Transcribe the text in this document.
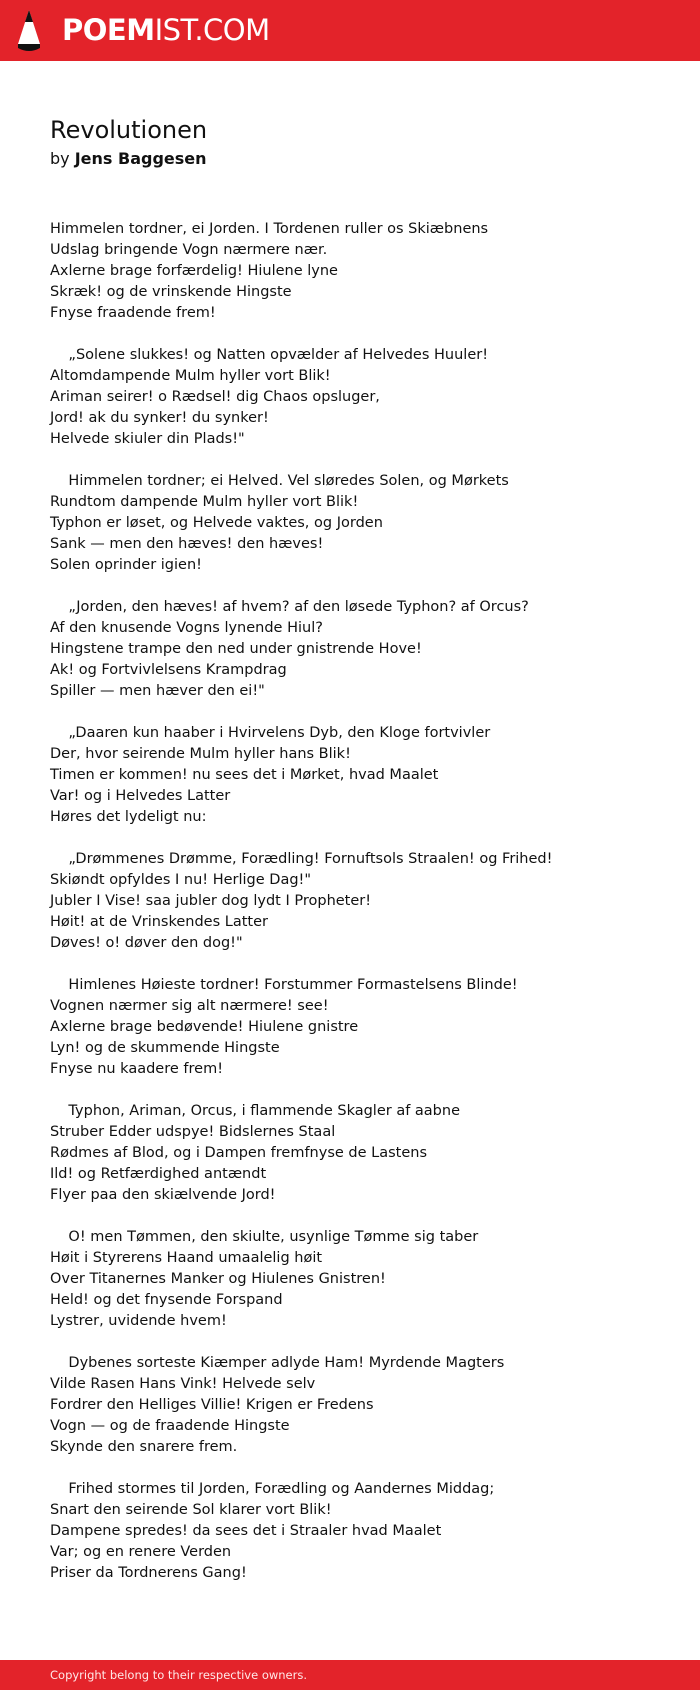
POEMIST.COM
Revolutionen
by Jens Baggesen
Himmelen tordner, ei Jorden. I Tordenen ruller os Skiæbnens
Udslag bringende Vogn nærmere nær.
Axlerne brage forfærdelig! Hiulene lyne
Skræk! og de vrinskende Hingste
Fnyse fraadende frem!
„Solene slukkes! og Natten opvælder af Helvedes Huuler!
Altomdampende Mulm hyller vort Blik!
Ariman seirer! o Rædsel! dig Chaos opsluger,
Jord! ak du synker! du synker!
Helvede skiuler din Plads!"
Himmelen tordner; ei Helved. Vel sløredes Solen, og Mørkets
Rundtom dampende Mulm hyller vort Blik!
Typhon er løset, og Helvede vaktes, og Jorden
Sank — men den hæves! den hæves!
Solen oprinder igien!
„Jorden, den hæves! af hvem? af den løsede Typhon? af Orcus?
Af den knusende Vogns lynende Hiul?
Hingstene trampe den ned under gnistrende Hove!
Ak! og Fortvivlelsens Krampdrag
Spiller — men hæver den ei!"
„Daaren kun haaber i Hvirvelens Dyb, den Kloge fortvivler
Der, hvor seirende Mulm hyller hans Blik!
Timen er kommen! nu sees det i Mørket, hvad Maalet
Var! og i Helvedes Latter
Høres det lydeligt nu:
„Drømmenes Drømme, Forædling! Fornuftsols Straalen! og Frihed!
Skiøndt opfyldes I nu! Herlige Dag!"
Jubler I Vise! saa jubler dog lydt I Propheter!
Høit! at de Vrinskendes Latter
Døves! o! døver den dog!"
Himlenes Høieste tordner! Forstummer Formastelsens Blinde!
Vognen nærmer sig alt nærmere! see!
Axlerne brage bedøvende! Hiulene gnistre
Lyn! og de skummende Hingste
Fnyse nu kaadere frem!
Typhon, Ariman, Orcus, i flammende Skagler af aabne
Struber Edder udspye! Bidslernes Staal
Rødmes af Blod, og i Dampen fremfnyse de Lastens
Ild! og Retfærdighed antændt
Flyer paa den skiælvende Jord!
O! men Tømmen, den skiulte, usynlige Tømme sig taber
Høit i Styrerens Haand umaalelig høit
Over Titanernes Manker og Hiulenes Gnistren!
Held! og det fnysende Forspand
Lystrer, uvidende hvem!
Dybenes sorteste Kiæmper adlyde Ham! Myrdende Magters
Vilde Rasen Hans Vink! Helvede selv
Fordrer den Helliges Villie! Krigen er Fredens
Vogn — og de fraadende Hingste
Skynde den snarere frem.
Frihed stormes til Jorden, Forædling og Aandernes Middag;
Snart den seirende Sol klarer vort Blik!
Dampene spredes! da sees det i Straaler hvad Maalet
Var; og en renere Verden
Priser da Tordnerens Gang!
Copyright belong to their respective owners.
